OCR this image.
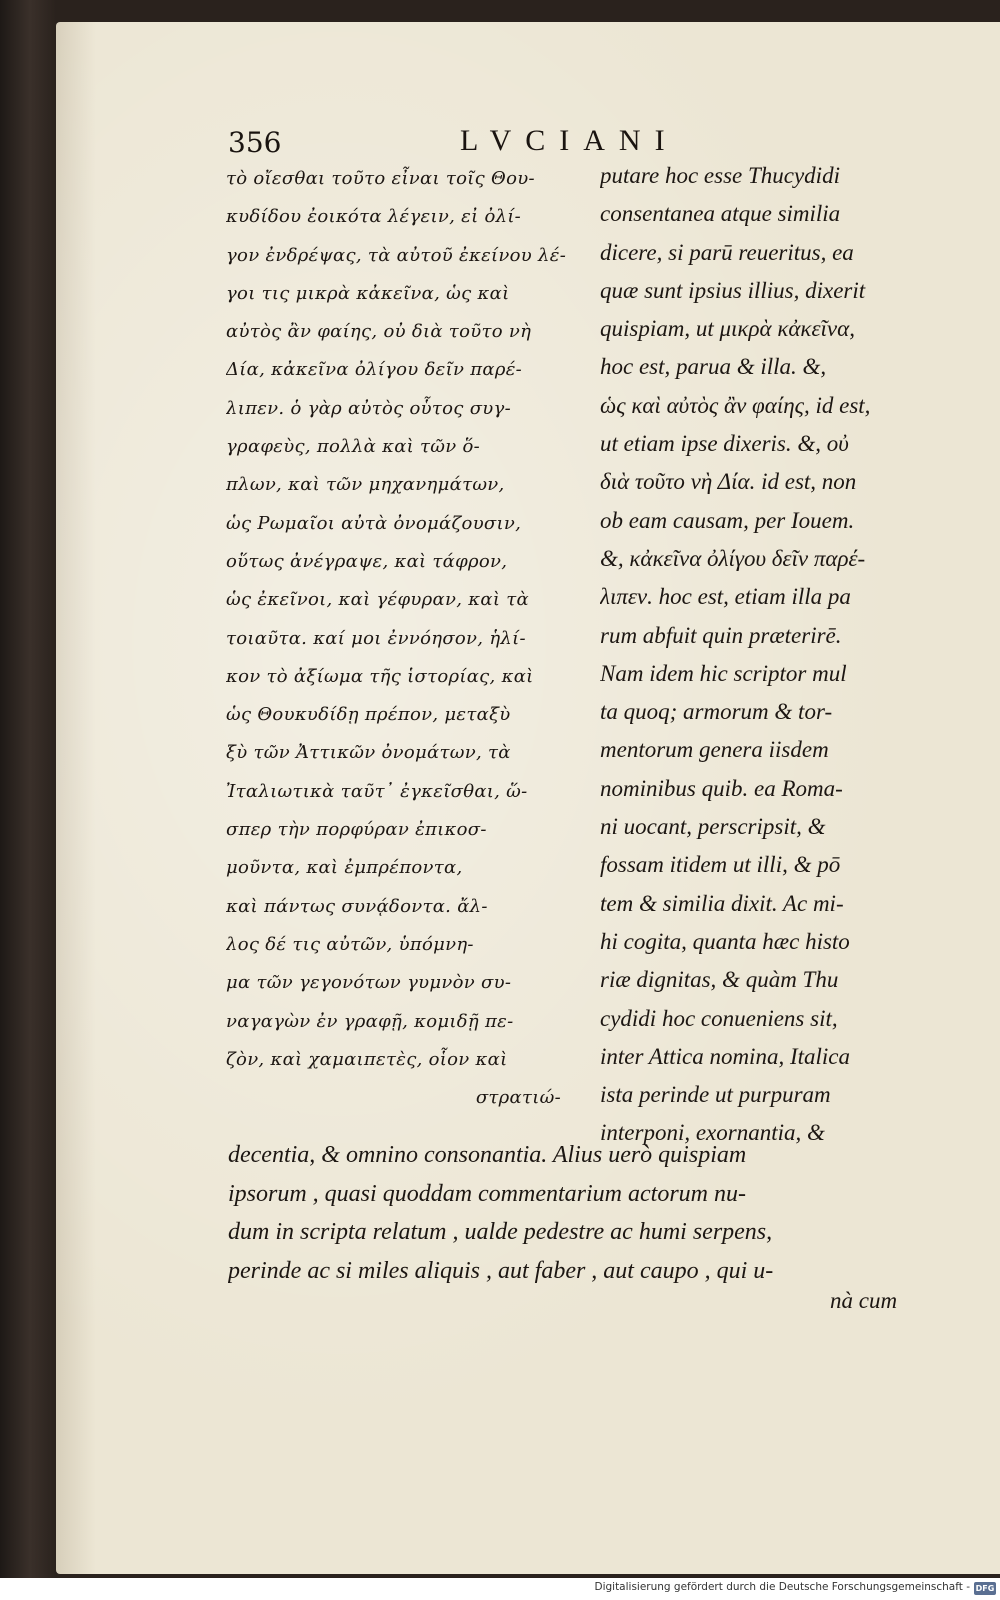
356	LVCIANI
τὸ οἴεσθαι τοῦτο εἶναι τοῖς Θου-
κυδίδου ἐοικότα λέγειν, εἰ ὀλί-
γον ἐνδρέψας, τὰ αὐτοῦ ἐκείνου λέ-
γοι τις μικρὰ κἀκεῖνα, ὡς καὶ
αὐτὸς ἂν φαίης, οὐ διὰ τοῦτο νὴ
Δία, κἀκεῖνα ὀλίγου δεῖν παρέ-
λιπεν. ὁ γὰρ αὐτὸς οὗτος συγ-
γραφεὺς, πολλὰ καὶ τῶν ὅ-
πλων, καὶ τῶν μηχανημάτων,
ὡς Ρωμαῖοι αὐτὰ ὀνομάζουσιν,
οὕτως ἀνέγραψε, καὶ τάφρον,
ὡς ἐκεῖνοι, καὶ γέφυραν, καὶ τὰ
τοιαῦτα. καί μοι ἐννόησον, ἡλί-
κον τὸ ἀξίωμα τῆς ἱστορίας, καὶ
ὡς Θουκυδίδῃ πρέπον, μεταξὺ
ξὺ τῶν Ἀττικῶν ὀνομάτων, τὰ
Ἰταλιωτικὰ ταῦτ᾽ ἐγκεῖσθαι, ὥ-
σπερ τὴν πορφύραν ἐπικοσ-
μοῦντα, καὶ ἐμπρέποντα,
καὶ πάντως συνᾴδοντα. ἄλ-
λος δέ τις αὐτῶν, ὑπόμνη-
μα τῶν γεγονότων γυμνὸν συ-
ναγαγὼν ἐν γραφῇ, κομιδῇ πε-
ζὸν, καὶ χαμαιπετὲς, οἷον καὶ
στρατιώ-
putare hoc esse Thucydidi
consentanea atque similia
dicere, si parū reueritus, ea
quæ sunt ipsius illius, dixerit
quispiam, ut μικρὰ κἀκεῖνα,
hoc est, parua & illa. &,
ὡς καὶ αὐτὸς ἂν φαίης, id est,
ut etiam ipse dixeris. &, οὐ
διὰ τοῦτο νὴ Δία. id est, non
ob eam causam, per Iouem.
&, κἀκεῖνα ὀλίγου δεῖν παρέ-
λιπεν. hoc est, etiam illa pa
rum abfuit quin præterirē.
Nam idem hic scriptor mul
ta quoq; armorum & tor-
mentorum genera iisdem
nominibus quib. ea Roma-
ni uocant, perscripsit, &
fossam itidem ut illi, & pō
tem & similia dixit. Ac mi-
hi cogita, quanta hæc histo
riæ dignitas, & quàm Thu
cydidi hoc conueniens sit,
inter Attica nomina, Italica
ista perinde ut purpuram
interponi, exornantia, &
decentia, & omnino consonantia. Alius uerò quispiam
ipsorum , quasi quoddam commentarium actorum nu-
dum in scripta relatum , ualde pedestre ac humi serpens,
perinde ac si miles aliquis , aut faber , aut caupo , qui u-
nà cum
Digitalisierung gefördert durch die Deutsche Forschungsgemeinschaft - DFG
